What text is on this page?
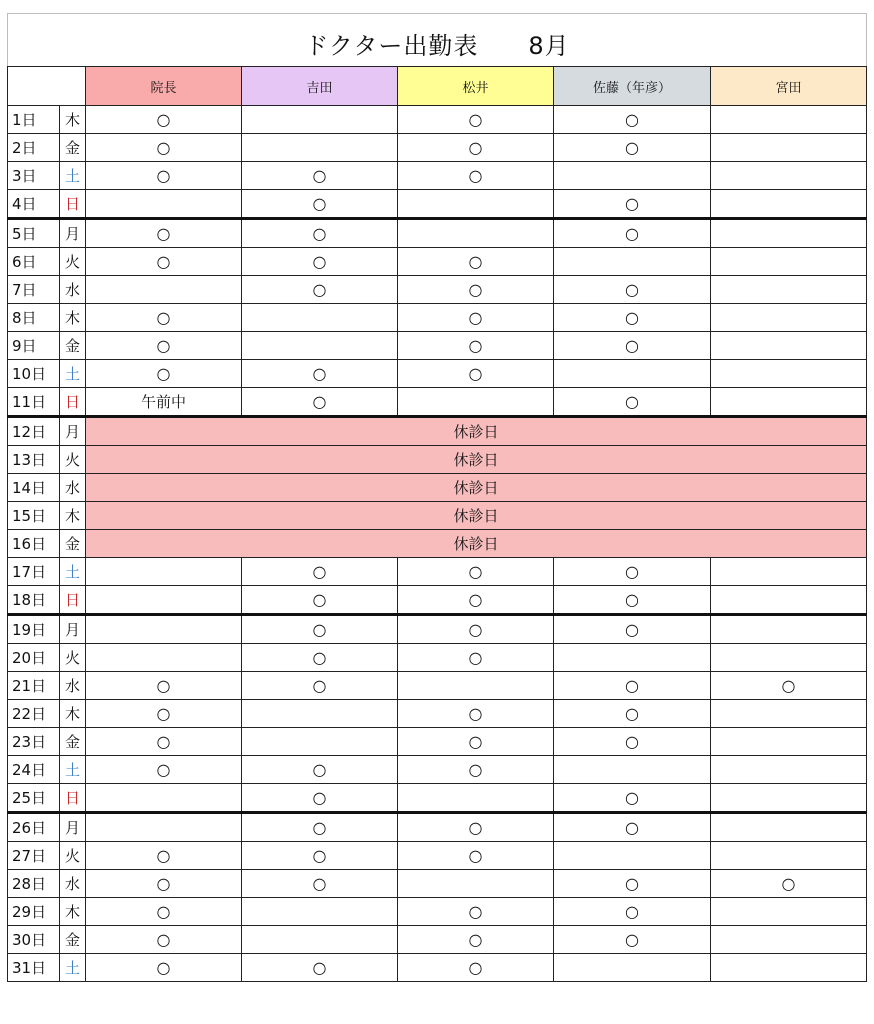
ドクター出勤表　　8月
		院長	吉田	松井	佐藤（年彦）	宮田
1日	木	○		○	○	
2日	金	○		○	○	
3日	土	○	○	○		
4日	日		○		○	
5日	月	○	○		○	
6日	火	○	○	○		
7日	水		○	○	○	
8日	木	○		○	○	
9日	金	○		○	○	
10日	土	○	○	○		
11日	日	午前中	○		○	
12日	月	休診日				
13日	火	休診日				
14日	水	休診日				
15日	木	休診日				
16日	金	休診日				
17日	土		○	○	○	
18日	日		○	○	○	
19日	月		○	○	○	
20日	火		○	○		
21日	水	○	○		○	○
22日	木	○		○	○	
23日	金	○		○	○	
24日	土	○	○	○		
25日	日		○		○	
26日	月		○	○	○	
27日	火	○	○	○		
28日	水	○	○		○	○
29日	木	○		○	○	
30日	金	○		○	○	
31日	土	○	○	○		
